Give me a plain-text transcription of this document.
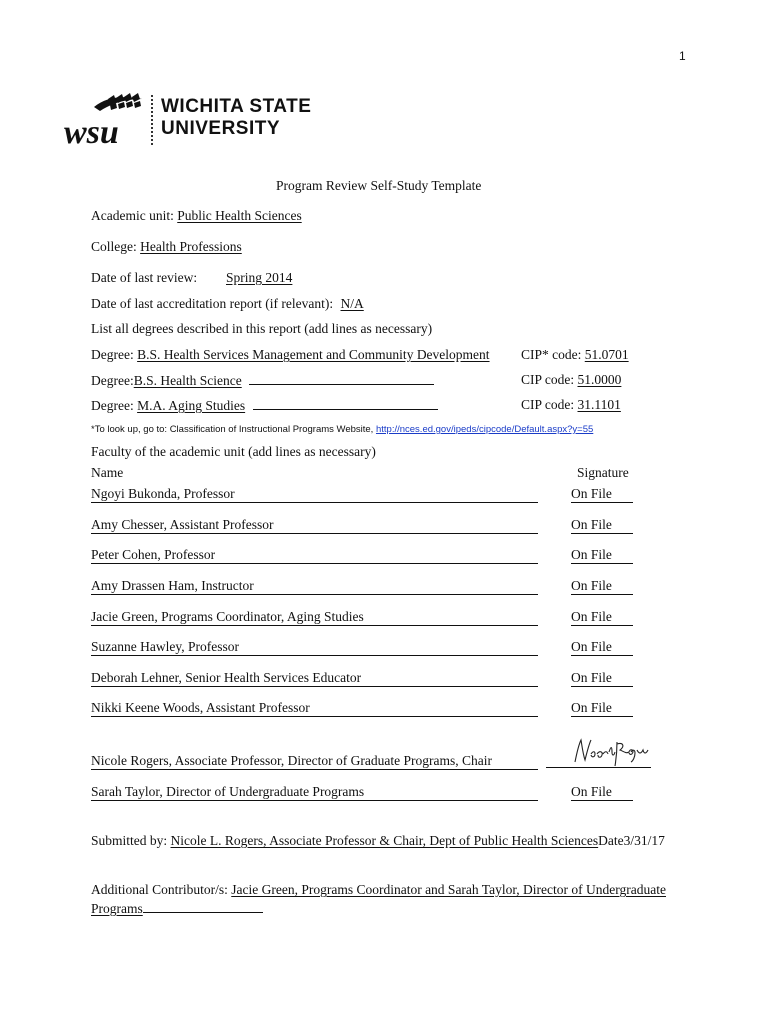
1
wsu
WICHITA STATE
UNIVERSITY
Program Review Self-Study Template
Academic unit: Public Health Sciences
College: Health Professions
Date of last review: Spring 2014
Date of last accreditation report (if relevant): N/A
List all degrees described in this report (add lines as necessary)
Degree: B.S. Health Services Management and Community Development CIP* code: 51.0701
Degree:B.S. Health Science	CIP code: 51.0000
Degree: M.A. Aging Studies	CIP code: 31.1101
*To look up, go to: Classification of Instructional Programs Website, http://nces.ed.gov/ipeds/cipcode/Default.aspx?y=55
Faculty of the academic unit (add lines as necessary)
Name	Signature
Ngoyi Bukonda, Professor	On File
Amy Chesser, Assistant Professor	On File
Peter Cohen, Professor	On File
Amy Drassen Ham, Instructor	On File
Jacie Green, Programs Coordinator, Aging Studies	On File
Suzanne Hawley, Professor	On File
Deborah Lehner, Senior Health Services Educator	On File
Nikki Keene Woods, Assistant Professor	On File
Nicole Rogers, Associate Professor, Director of Graduate Programs, Chair
Sarah Taylor, Director of Undergraduate Programs	On File
Submitted by: Nicole L. Rogers, Associate Professor & Chair, Dept of Public Health SciencesDate3/31/17
Additional Contributor/s: Jacie Green, Programs Coordinator and Sarah Taylor, Director of Undergraduate
Programs
